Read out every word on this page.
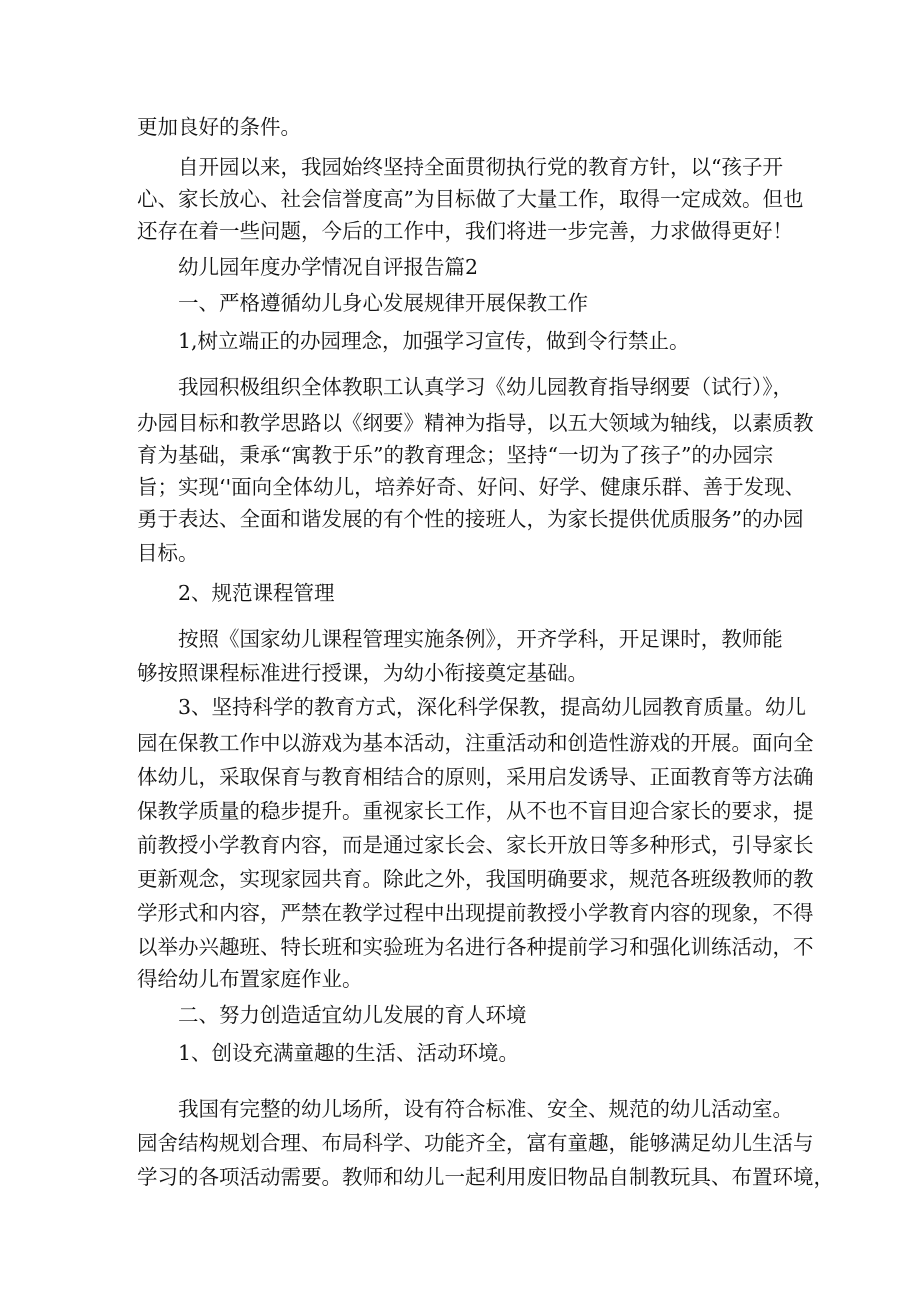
更加良好的条件。
自开园以来，我园始终坚持全面贯彻执行党的教育方针，以“孩子开
心、家长放心、社会信誉度高”为目标做了大量工作，取得一定成效。但也
还存在着一些问题，今后的工作中，我们将进一步完善，力求做得更好！
幼儿园年度办学情况自评报告篇2
一、严格遵循幼儿身心发展规律开展保教工作
1,树立端正的办园理念，加强学习宣传，做到令行禁止。
我园积极组织全体教职工认真学习《幼儿园教育指导纲要（试行）》，
办园目标和教学思路以《纲要》精神为指导，以五大领域为轴线，以素质教
育为基础，秉承“寓教于乐”的教育理念；坚持“一切为了孩子”的办园宗
旨；实现‘'面向全体幼儿，培养好奇、好问、好学、健康乐群、善于发现、
勇于表达、全面和谐发展的有个性的接班人，为家长提供优质服务”的办园
目标。
2、规范课程管理
按照《国家幼儿课程管理实施条例》，开齐学科，开足课时，教师能
够按照课程标准进行授课，为幼小衔接奠定基础。
3、坚持科学的教育方式，深化科学保教，提高幼儿园教育质量。幼儿
园在保教工作中以游戏为基本活动，注重活动和创造性游戏的开展。面向全
体幼儿，采取保育与教育相结合的原则，采用启发诱导、正面教育等方法确
保教学质量的稳步提升。重视家长工作，从不也不盲目迎合家长的要求，提
前教授小学教育内容，而是通过家长会、家长开放日等多种形式，引导家长
更新观念，实现家园共育。除此之外，我国明确要求，规范各班级教师的教
学形式和内容，严禁在教学过程中出现提前教授小学教育内容的现象，不得
以举办兴趣班、特长班和实验班为名进行各种提前学习和强化训练活动，不
得给幼儿布置家庭作业。
二、努力创造适宜幼儿发展的育人环境
1、创设充满童趣的生活、活动环境。
我国有完整的幼儿场所，设有符合标准、安全、规范的幼儿活动室。
园舍结构规划合理、布局科学、功能齐全，富有童趣，能够满足幼儿生活与
学习的各项活动需要。教师和幼儿一起利用废旧物品自制教玩具、布置环境，
